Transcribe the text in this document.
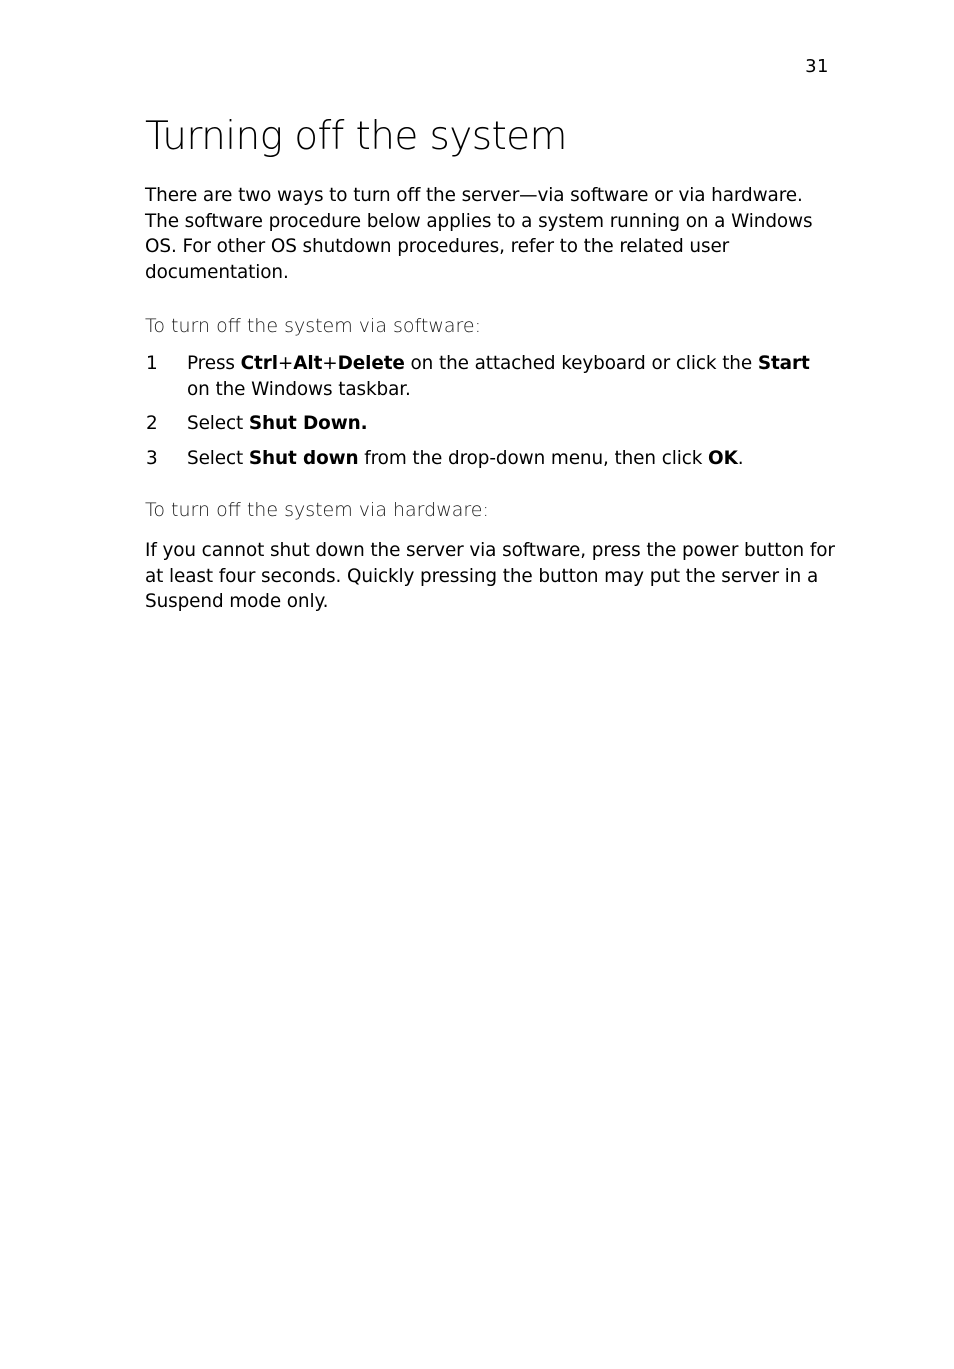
31
Turning off the system

There are two ways to turn off the server—via software or via hardware. The software procedure below applies to a system running on a Windows OS. For other OS shutdown procedures, refer to the related user documentation.

To turn off the system via software:
1	Press Ctrl+Alt+Delete on the attached keyboard or click the Start on the Windows taskbar.
2	Select Shut Down.
3	Select Shut down from the drop-down menu, then click OK.
To turn off the system via hardware:

If you cannot shut down the server via software, press the power button for at least four seconds. Quickly pressing the button may put the server in a Suspend mode only.
